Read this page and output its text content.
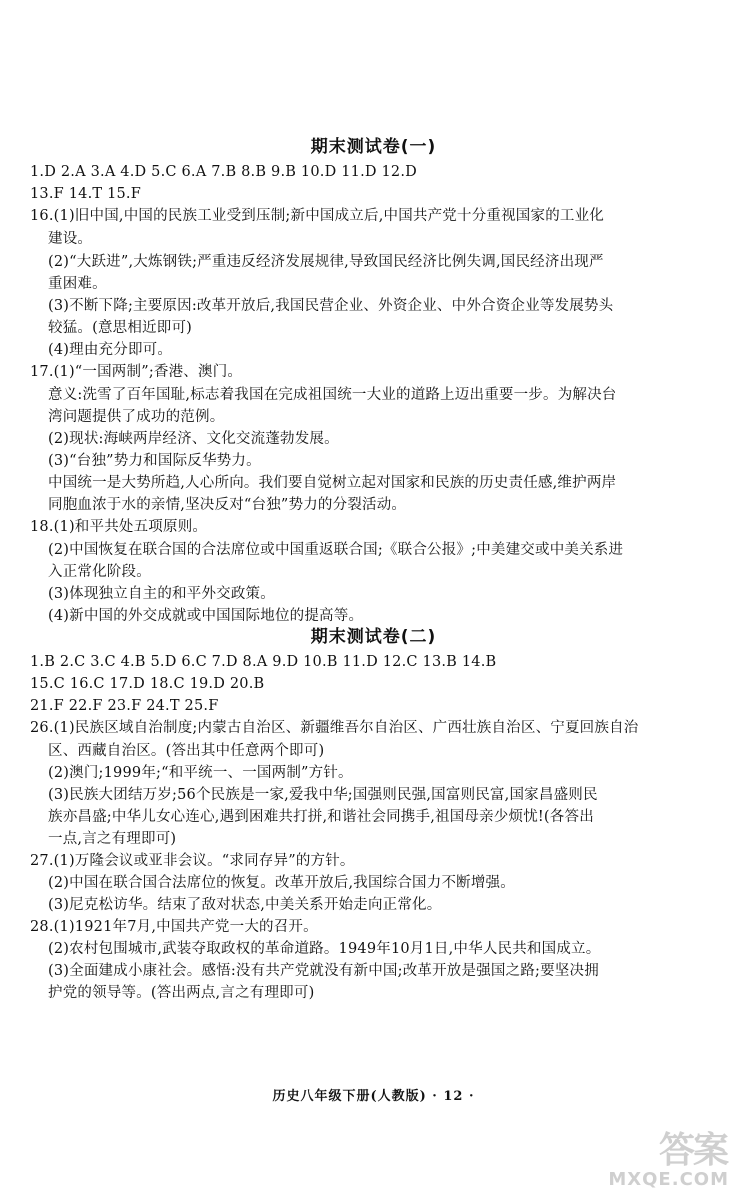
期末测试卷(一)
1.D 2.A 3.A 4.D 5.C 6.A 7.B 8.B 9.B 10.D 11.D 12.D
13.F 14.T 15.F
16.(1)旧中国,中国的民族工业受到压制;新中国成立后,中国共产党十分重视国家的工业化
建设。
(2)“大跃进”,大炼钢铁;严重违反经济发展规律,导致国民经济比例失调,国民经济出现严
重困难。
(3)不断下降;主要原因:改革开放后,我国民营企业、外资企业、中外合资企业等发展势头
较猛。(意思相近即可)
(4)理由充分即可。
17.(1)“一国两制”;香港、澳门。
意义:洗雪了百年国耻,标志着我国在完成祖国统一大业的道路上迈出重要一步。为解决台
湾问题提供了成功的范例。
(2)现状:海峡两岸经济、文化交流蓬勃发展。
(3)“台独”势力和国际反华势力。
中国统一是大势所趋,人心所向。我们要自觉树立起对国家和民族的历史责任感,维护两岸
同胞血浓于水的亲情,坚决反对“台独”势力的分裂活动。
18.(1)和平共处五项原则。
(2)中国恢复在联合国的合法席位或中国重返联合国;《联合公报》;中美建交或中美关系进
入正常化阶段。
(3)体现独立自主的和平外交政策。
(4)新中国的外交成就或中国国际地位的提高等。
期末测试卷(二)
1.B 2.C 3.C 4.B 5.D 6.C 7.D 8.A 9.D 10.B 11.D 12.C 13.B 14.B
15.C 16.C 17.D 18.C 19.D 20.B
21.F 22.F 23.F 24.T 25.F
26.(1)民族区域自治制度;内蒙古自治区、新疆维吾尔自治区、广西壮族自治区、宁夏回族自治
区、西藏自治区。(答出其中任意两个即可)
(2)澳门;1999年;“和平统一、一国两制”方针。
(3)民族大团结万岁;56个民族是一家,爱我中华;国强则民强,国富则民富,国家昌盛则民
族亦昌盛;中华儿女心连心,遇到困难共打拼,和谐社会同携手,祖国母亲少烦忧!(各答出
一点,言之有理即可)
27.(1)万隆会议或亚非会议。“求同存异”的方针。
(2)中国在联合国合法席位的恢复。改革开放后,我国综合国力不断增强。
(3)尼克松访华。结束了敌对状态,中美关系开始走向正常化。
28.(1)1921年7月,中国共产党一大的召开。
(2)农村包围城市,武装夺取政权的革命道路。1949年10月1日,中华人民共和国成立。
(3)全面建成小康社会。感悟:没有共产党就没有新中国;改革开放是强国之路;要坚决拥
护党的领导等。(答出两点,言之有理即可)
历史八年级下册(人教版) · 12 ·
答案
MXQE.COM
